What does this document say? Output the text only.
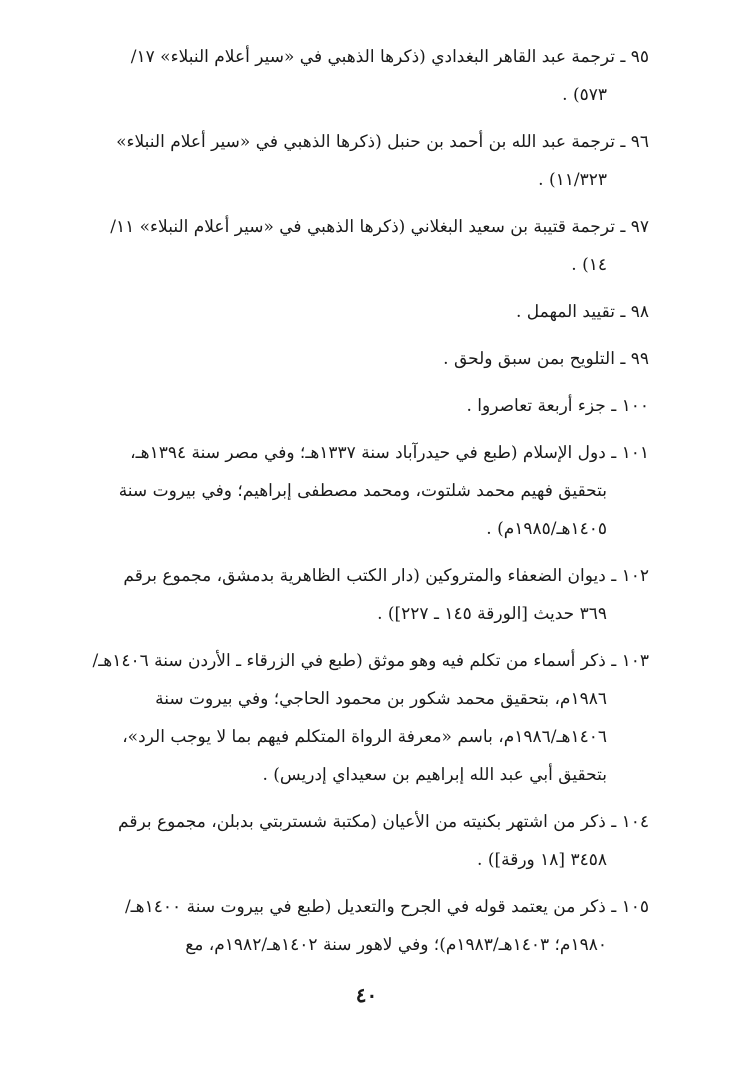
٩٥ ـ ترجمة عبد القاهر البغدادي (ذكرها الذهبي في «سير أعلام النبلاء» ١٧/
٥٧٣) .
٩٦ ـ ترجمة عبد الله بن أحمد بن حنبل (ذكرها الذهبي في «سير أعلام النبلاء»
١١/٣٢٣) .
٩٧ ـ ترجمة قتيبة بن سعيد البغلاني (ذكرها الذهبي في «سير أعلام النبلاء» ١١/
١٤) .
٩٨ ـ تقييد المهمل .
٩٩ ـ التلويح بمن سبق ولحق .
١٠٠ ـ جزء أربعة تعاصروا .
١٠١ ـ دول الإسلام (طبع في حيدرآباد سنة ١٣٣٧هـ؛ وفي مصر سنة ١٣٩٤هـ،
بتحقيق فهيم محمد شلتوت، ومحمد مصطفى إبراهيم؛ وفي بيروت سنة
١٤٠٥هـ/١٩٨٥م) .
١٠٢ ـ ديوان الضعفاء والمتروكين (دار الكتب الظاهرية بدمشق، مجموع برقم
٣٦٩ حديث [الورقة ١٤٥ ـ ٢٢٧]) .
١٠٣ ـ ذكر أسماء من تكلم فيه وهو موثق (طبع في الزرقاء ـ الأردن سنة ١٤٠٦هـ/
١٩٨٦م، بتحقيق محمد شكور بن محمود الحاجي؛ وفي بيروت سنة
١٤٠٦هـ/١٩٨٦م، باسم «معرفة الرواة المتكلم فيهم بما لا يوجب الرد»،
بتحقيق أبي عبد الله إبراهيم بن سعيداي إدريس) .
١٠٤ ـ ذكر من اشتهر بكنيته من الأعيان (مكتبة شستربتي بدبلن، مجموع برقم
٣٤٥٨ [١٨ ورقة]) .
١٠٥ ـ ذكر من يعتمد قوله في الجرح والتعديل (طبع في بيروت سنة ١٤٠٠هـ/
١٩٨٠م؛ ١٤٠٣هـ/١٩٨٣م)؛ وفي لاهور سنة ١٤٠٢هـ/١٩٨٢م، مع
٤٠
